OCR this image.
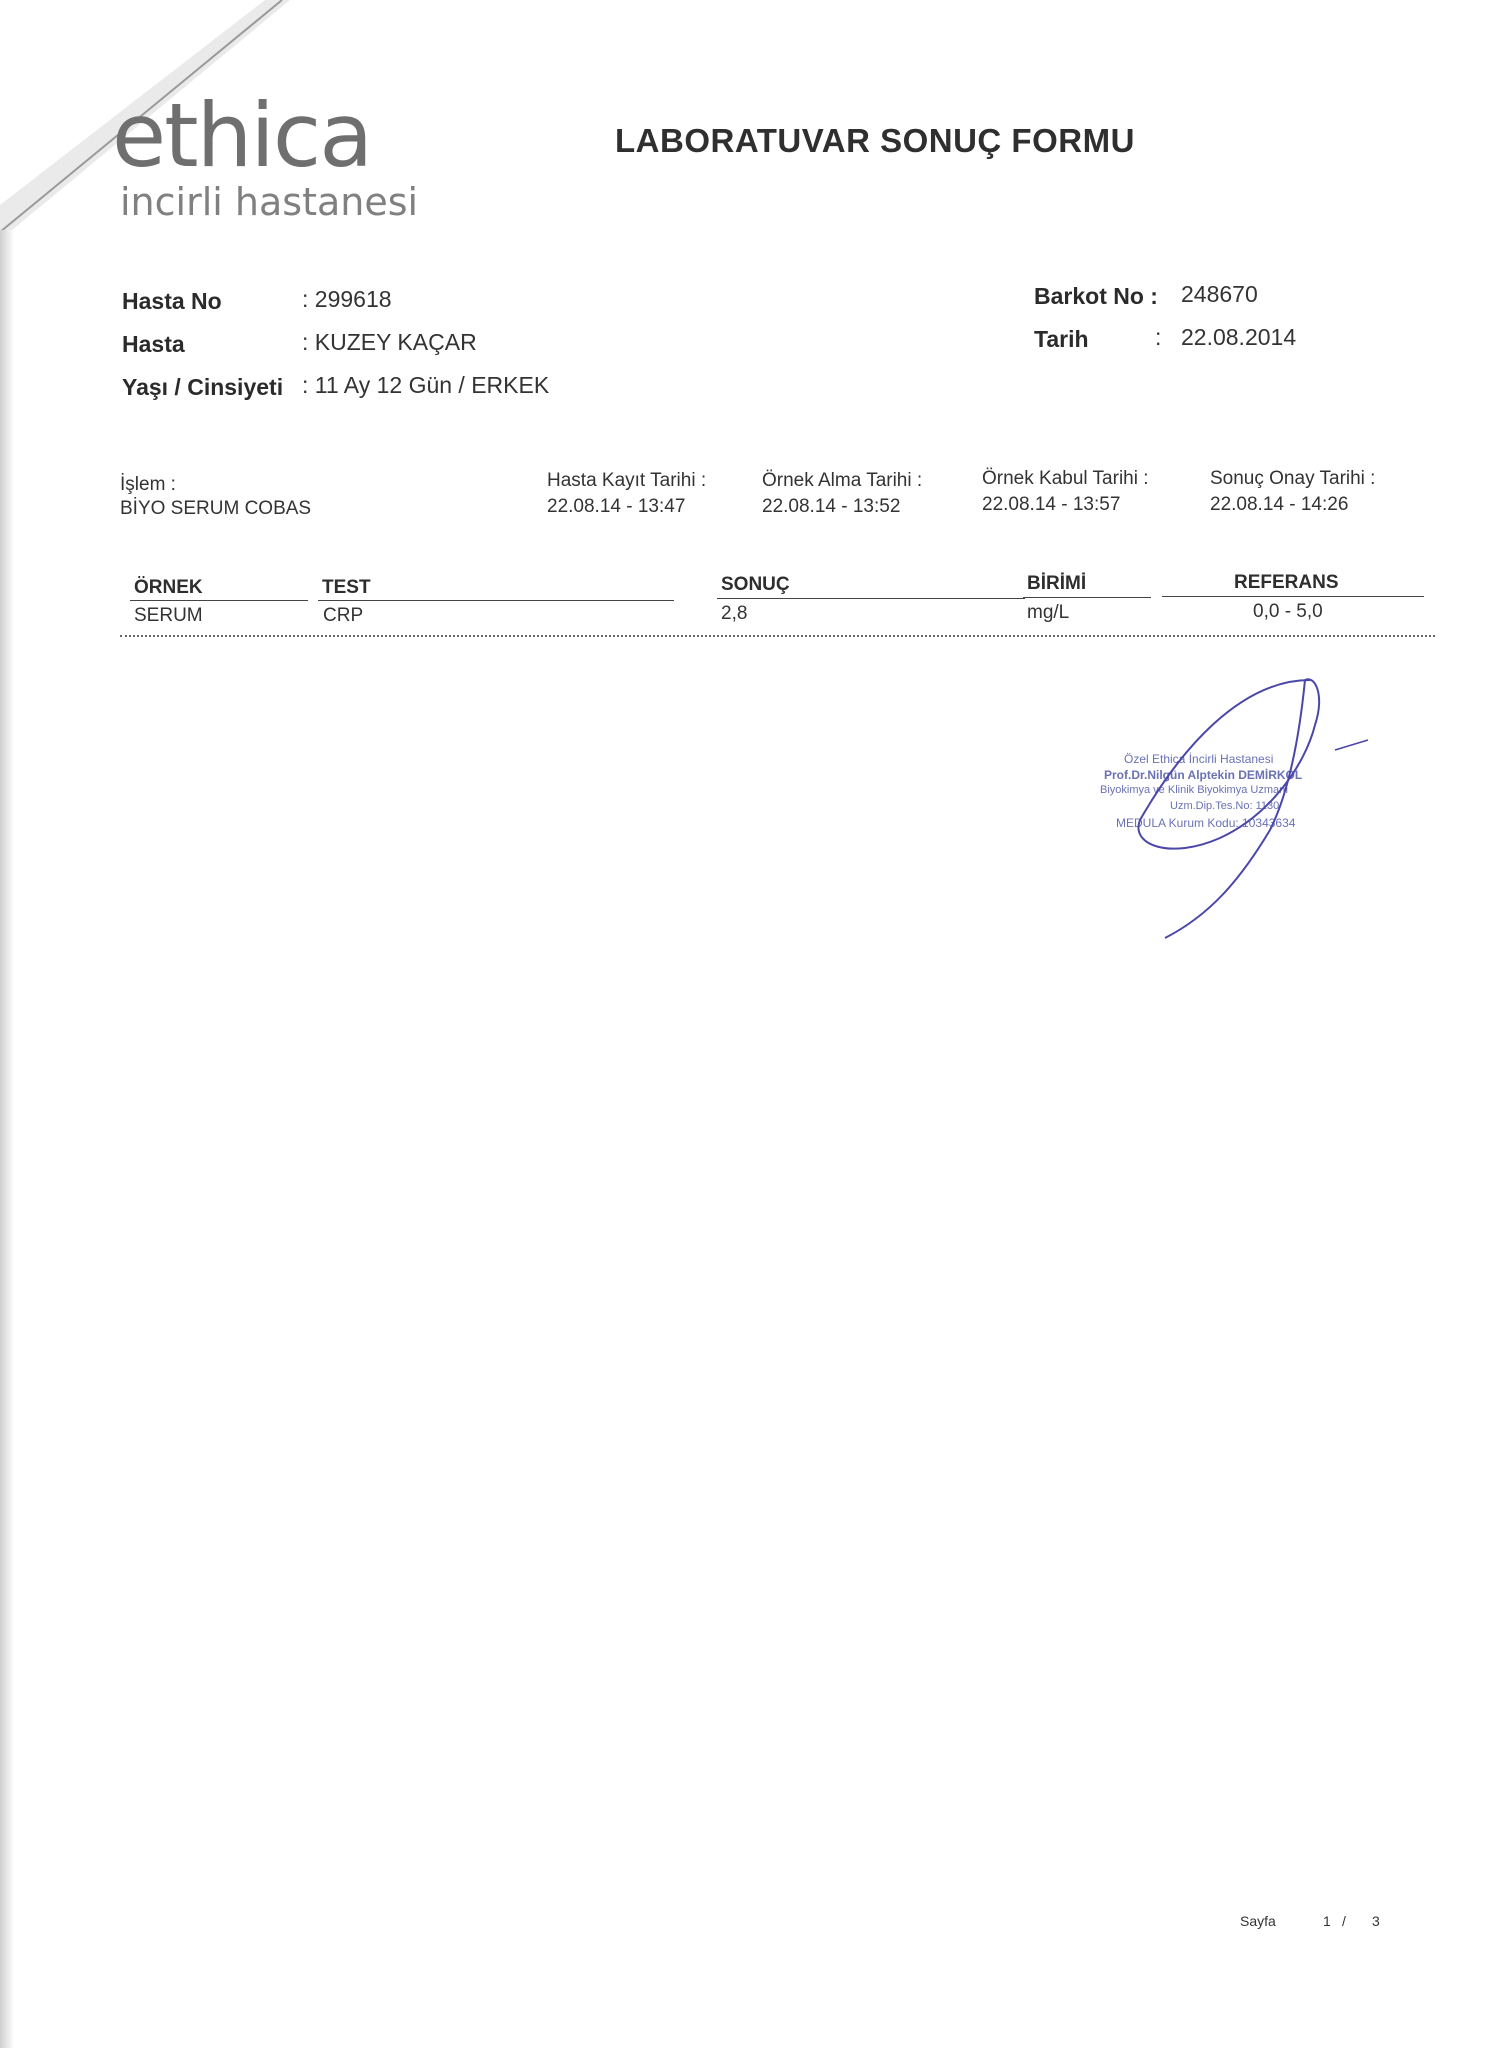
ethica
incirli hastanesi
LABORATUVAR SONUÇ FORMU
Hasta No	: 299618
Hasta	: KUZEY KAÇAR
Yaşı / Cinsiyeti : 11 Ay 12 Gün / ERKEK
Barkot No : 248670
Tarih	: 22.08.2014
İşlem :
BİYO SERUM COBAS
Hasta Kayıt Tarihi :
22.08.14 - 13:47
Örnek Alma Tarihi :
22.08.14 - 13:52
Örnek Kabul Tarihi :
22.08.14 - 13:57
Sonuç Onay Tarihi :
22.08.14 - 14:26
ÖRNEK	TEST	SONUÇ	BİRİMİ	REFERANS
SERUM	CRP	2,8	mg/L	0,0 - 5,0
Özel Ethica İncirli Hastanesi
Prof.Dr.Nilgün Alptekin DEMİRKOL
Biyokimya ve Klinik Biyokimya Uzmanı
Uzm.Dip.Tes.No: 1130
MEDULA Kurum Kodu: 10343634
Sayfa	1 / 3
